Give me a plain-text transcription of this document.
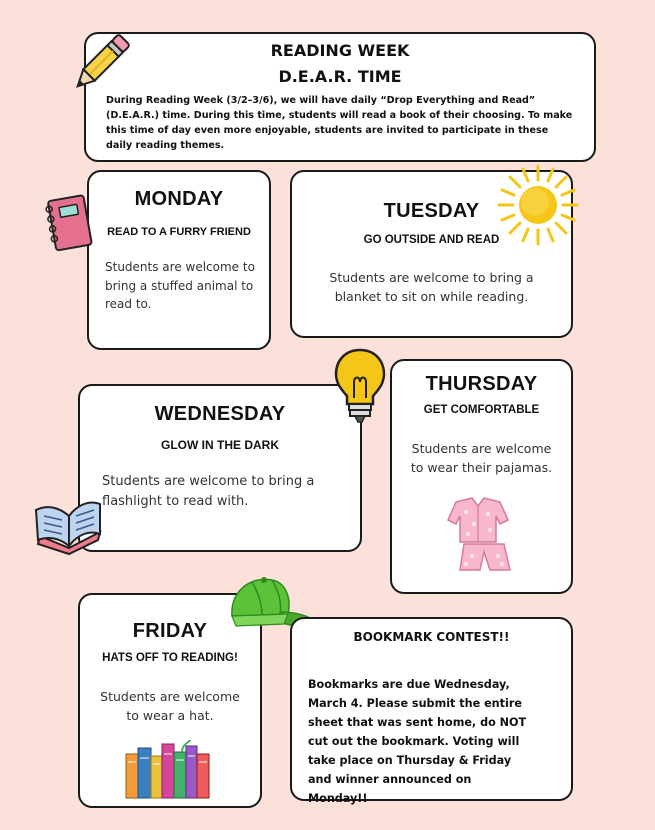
READING WEEK
D.E.A.R. TIME
During Reading Week (3/2–3/6), we will have daily “Drop Everything and Read” (D.E.A.R.) time. During this time, students will read a book of their choosing. To make this time of day even more enjoyable, students are invited to participate in these daily reading themes.
MONDAY
READ TO A FURRY FRIEND
Students are welcome to bring a stuffed animal to read to.
TUESDAY
GO OUTSIDE AND READ
Students are welcome to bring a blanket to sit on while reading.
WEDNESDAY
GLOW IN THE DARK
Students are welcome to bring a flashlight to read with.
THURSDAY
GET COMFORTABLE
Students are welcome to wear their pajamas.
FRIDAY
HATS OFF TO READING!
Students are welcome to wear a hat.
BOOKMARK CONTEST!!
Bookmarks are due Wednesday, March 4. Please submit the entire sheet that was sent home, do NOT cut out the bookmark. Voting will take place on Thursday & Friday and winner announced on Monday!!
